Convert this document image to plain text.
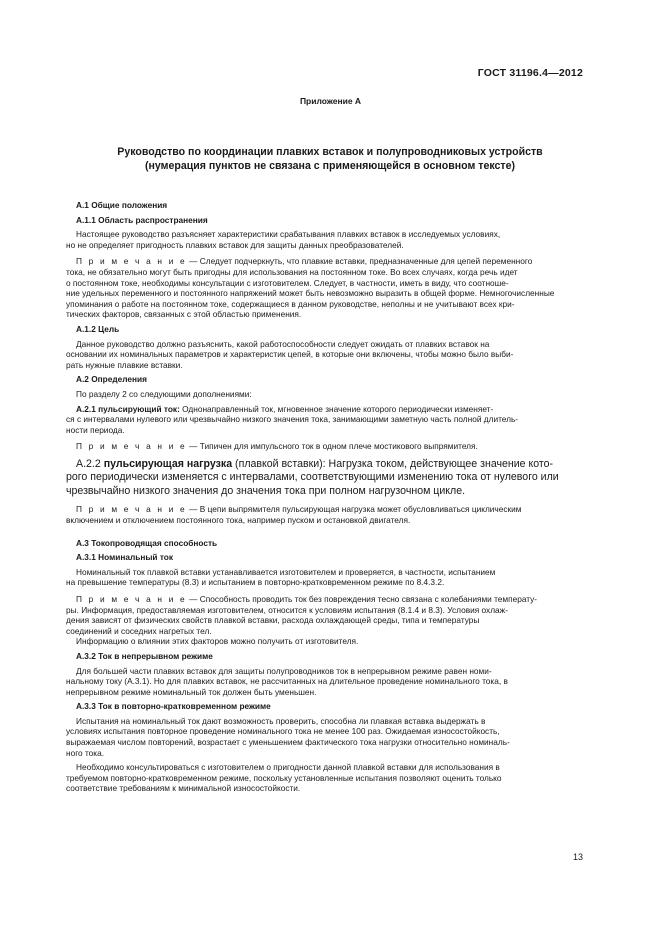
ГОСТ 31196.4—2012
Приложение А
Руководство по координации плавких вставок и полупроводниковых устройств
(нумерация пунктов не связана с применяющейся в основном тексте)
А.1 Общие положения
А.1.1 Область распространения
Настоящее руководство разъясняет характеристики срабатывания плавких вставок в исследуемых условиях,
но не определяет пригодность плавких вставок для защиты данных преобразователей.
П р и м е ч а н и е — Следует подчеркнуть, что плавкие вставки, предназначенные для цепей переменного
тока, не обязательно могут быть пригодны для использования на постоянном токе. Во всех случаях, когда речь идет
о постоянном токе, необходимы консультации с изготовителем. Следует, в частности, иметь в виду, что соотноше-
ние удельных переменного и постоянного напряжений может быть невозможно выразить в общей форме. Немногочисленные
упоминания о работе на постоянном токе, содержащиеся в данном руководстве, неполны и не учитывают всех кри-
тических факторов, связанных с этой областью применения.
А.1.2 Цель
Данное руководство должно разъяснить, какой работоспособности следует ожидать от плавких вставок на
основании их номинальных параметров и характеристик цепей, в которые они включены, чтобы можно было выби-
рать нужные плавкие вставки.
А.2 Определения
По разделу 2 со следующими дополнениями:
А.2.1 пульсирующий ток: Однонаправленный ток, мгновенное значение которого периодически изменяет-
ся с интервалами нулевого или чрезвычайно низкого значения тока, занимающими заметную часть полной длитель-
ности периода.
П р и м е ч а н и е — Типичен для импульсного ток в одном плече мостикового выпрямителя.
А.2.2 пульсирующая нагрузка (плавкой вставки): Нагрузка током, действующее значение кото-
рого периодически изменяется с интервалами, соответствующими изменению тока от нулевого или
чрезвычайно низкого значения до значения тока при полном нагрузочном цикле.
П р и м е ч а н и е — В цепи выпрямителя пульсирующая нагрузка может обусловливаться циклическим
включением и отключением постоянного тока, например пуском и остановкой двигателя.
А.3 Токопроводящая способность
А.3.1 Номинальный ток
Номинальный ток плавкой вставки устанавливается изготовителем и проверяется, в частности, испытанием
на превышение температуры (8.3) и испытанием в повторно-кратковременном режиме по 8.4.3.2.
П р и м е ч а н и е — Способность проводить ток без повреждения тесно связана с колебаниями температу-
ры. Информация, предоставляемая изготовителем, относится к условиям испытания (8.1.4 и 8.3). Условия охлаж-
дения зависят от физических свойств плавкой вставки, расхода охлаждающей среды, типа и температуры
соединений и соседних нагретых тел.
Информацию о влиянии этих факторов можно получить от изготовителя.
А.3.2 Ток в непрерывном режиме
Для большей части плавких вставок для защиты полупроводников ток в непрерывном режиме равен номи-
нальному току (А.3.1). Но для плавких вставок, не рассчитанных на длительное проведение номинального тока, в
непрерывном режиме номинальный ток должен быть уменьшен.
А.3.3 Ток в повторно-кратковременном режиме
Испытания на номинальный ток дают возможность проверить, способна ли плавкая вставка выдержать в
условиях испытания повторное проведение номинального тока не менее 100 раз. Ожидаемая износостойкость,
выражаемая числом повторений, возрастает с уменьшением фактического тока нагрузки относительно номиналь-
ного тока.
Необходимо консультироваться с изготовителем о пригодности данной плавкой вставки для использования в
требуемом повторно-кратковременном режиме, поскольку установленные испытания позволяют оценить только
соответствие требованиям к минимальной износостойкости.
13
